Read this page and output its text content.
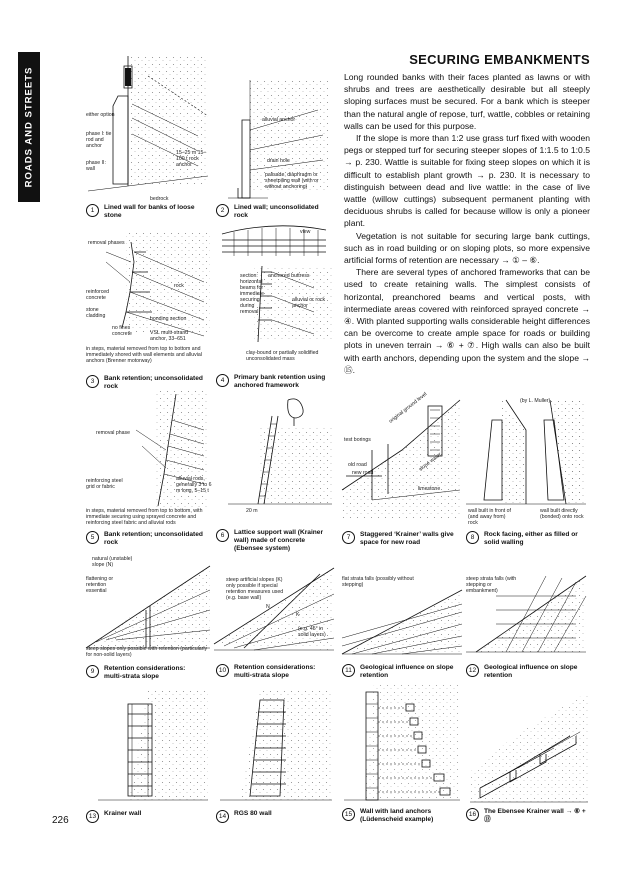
ROADS AND STREETS
SECURING EMBANKMENTS

Long rounded banks with their faces planted as lawns or with shrubs and trees are aesthetically desirable but all steeply sloping surfaces must be secured. For a bank which is steeper than the natural angle of repose, turf, wattle, cobbles or retaining walls can be used for this purpose.

If the slope is more than 1:2 use grass turf fixed with wooden pegs or stepped turf for securing steeper slopes of 1:1.5 to 1:0.5 → p. 230. Wattle is suitable for fixing steep slopes on which it is difficult to establish plant growth → p. 230. It is necessary to distinguish between dead and live wattle: in the case of live wattle (willow cuttings) subsequent permanent planting with deciduous shrubs is called for because willow is only a pioneer plant.

Vegetation is not suitable for securing large bank cuttings, such as in road building or on sloping plots, so more expensive artificial forms of retention are necessary → ① – ⑥.

There are several types of anchored frameworks that can be used to create retaining walls. The simplest consists of horizontal, preanchored beams and vertical posts, with intermediate areas covered with reinforced sprayed concrete → ④. With planted supporting walls considerable height differences can be overcome to create ample space for roads or building plots in uneven terrain → ⑥ + ⑦. High walls can also be built with earth anchors, depending upon the system and the slope → ⑮.

either option
phase I: tie rod and anchor
phase II: wall
15–25 m 15–100 t rock anchor
bedrock
1	Lined wall for banks of loose stone
alluvial anchor
drain hole
palisade, diaphragm or sheetpiling wall (with or without anchoring)
2	Lined wall; unconsolidated rock
removal phases
rock
reinforced concrete
stone cladding	bonding section
no fines concrete	VSL multi-strand anchor, 33–651
in steps, material removed from top to bottom and immediately shored with wall elements and alluvial anchors (Brenner motorway)
3	Bank retention; unconsolidated rock
view
anchored buttress
section: horizontal beams for immediate securing during removal
alluvial or rock anchor
clay-bound or partially solidified unconsolidated mass
4	Primary bank retention using anchored framework
removal phase
reinforcing steel grid or fabric
alluvial rods, generally 3 to 6 m long, 5–15 t
in steps, material removed from top to bottom, with immediate securing using sprayed concrete and reinforcing steel fabric and alluvial rods
5	Bank retention; unconsolidated rock
20 m
6	Lattice support wall (Krainer wall) made of concrete (Ebensee system)
test borings
original ground level
old road
new road
slope water
limestone
7	Staggered ‘Krainer’ walls give space for new road
(by L. Muller)
wall built in front of (and away from) rock
wall built directly (bonded) onto rock
8	Rock facing, either as filled or solid walling
natural (unstable) slope (N)
flattening or retention essential
steep slopes only possible with retention (particularly for non-solid layers)
9	Retention considerations: multi-strata slope
steep artificial slopes (K) only possible if special retention measures used (e.g. base wall)
N
K
(e.g. 45° in solid layers)
10	Retention considerations: multi-strata slope
flat strata falls (possibly without stepping)
11	Geological influence on slope retention
steep strata falls (with stepping or embankment)
12	Geological influence on slope retention
13	Krainer wall	14	RGS 80 wall	15	Wall with land anchors (Lüdenscheid example)
16	The Ebensee Krainer wall → ⑥ + ⑬
226
